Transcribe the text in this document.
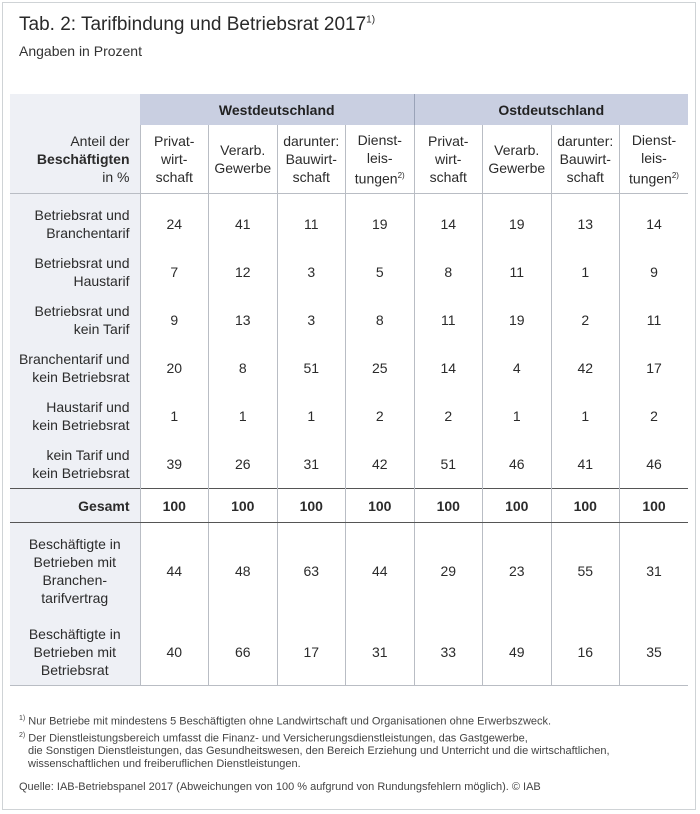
Tab. 2: Tarifbindung und Betriebsrat 2017$^{1)}$
Angaben in Prozent
	Westdeutschland				Ostdeutschland			
Anteil der
Beschäftigten
in %	Privat-
wirt-
schaft	Verarb.
Gewerbe	darunter:
Bauwirt-
schaft	Dienst-
leis-
tungen$^{2)}$	Privat-
wirt-
schaft	Verarb.
Gewerbe	darunter:
Bauwirt-
schaft	Dienst-
leis-
tungen$^{2)}$
Betriebsrat und
Branchentarif	24	41	11	19	14	19	13	14
Betriebsrat und
Haustarif	7	12	3	5	8	11	1	9
Betriebsrat und
kein Tarif	9	13	3	8	11	19	2	11
Branchentarif und
kein Betriebsrat	20	8	51	25	14	4	42	17
Haustarif und
kein Betriebsrat	1	1	1	2	2	1	1	2
kein Tarif und
kein Betriebsrat	39	26	31	42	51	46	41	46
Gesamt	100	100	100	100	100	100	100	100
Beschäftigte in
Betrieben mit
Branchen-
tarifvertrag	44	48	63	44	29	23	55	31
Beschäftigte in
Betrieben mit
Betriebsrat	40	66	17	31	33	49	16	35

$^{1)}$ Nur Betriebe mit mindestens 5 Beschäftigten ohne Landwirtschaft und Organisationen ohne Erwerbszweck.
$^{2)}$ Der Dienstleistungsbereich umfasst die Finanz- und Versicherungsdienstleistungen, das Gastgewerbe,
die Sonstigen Dienstleistungen, das Gesundheitswesen, den Bereich Erziehung und Unterricht und die wirtschaftlichen,
wissenschaftlichen und freiberuflichen Dienstleistungen.
Quelle: IAB-Betriebspanel 2017 (Abweichungen von 100 % aufgrund von Rundungsfehlern möglich). © IAB
